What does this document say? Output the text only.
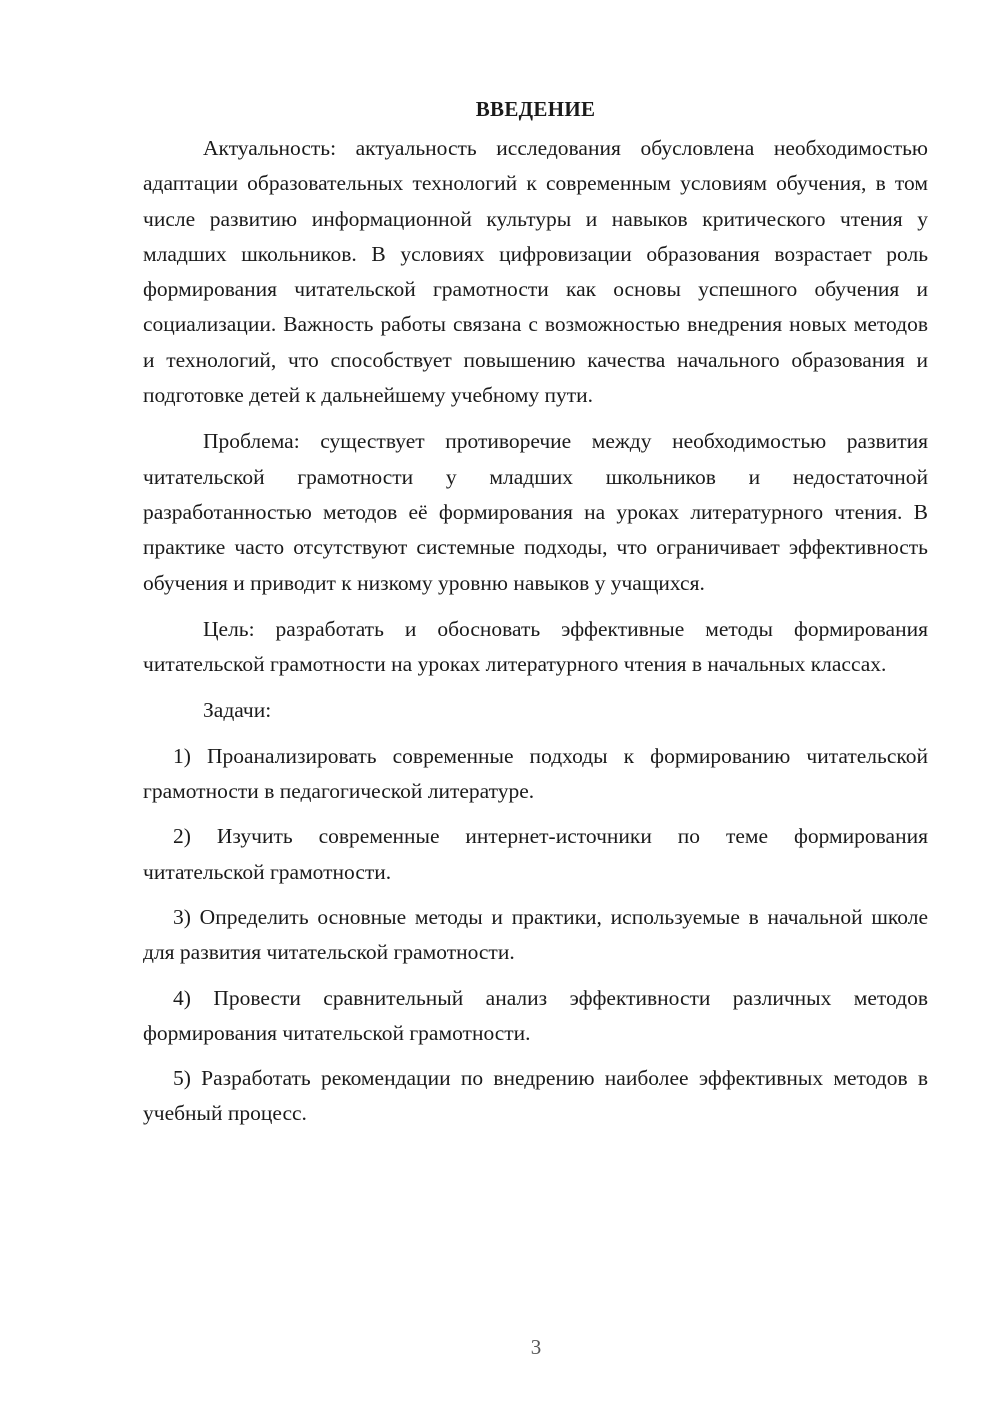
ВВЕДЕНИЕ

Актуальность: актуальность исследования обусловлена необходимостью адаптации образовательных технологий к современным условиям обучения, в том числе развитию информационной культуры и навыков критического чтения у младших школьников. В условиях цифровизации образования возрастает роль формирования читательской грамотности как основы успешного обучения и социализации. Важность работы связана с возможностью внедрения новых методов и технологий, что способствует повышению качества начального образования и подготовке детей к дальнейшему учебному пути.

Проблема: существует противоречие между необходимостью развития читательской грамотности у младших школьников и недостаточной разработанностью методов её формирования на уроках литературного чтения. В практике часто отсутствуют системные подходы, что ограничивает эффективность обучения и приводит к низкому уровню навыков у учащихся.

Цель: разработать и обосновать эффективные методы формирования читательской грамотности на уроках литературного чтения в начальных классах.

Задачи:

1) Проанализировать современные подходы к формированию читательской грамотности в педагогической литературе.

2) Изучить современные интернет-источники по теме формирования читательской грамотности.

3) Определить основные методы и практики, используемые в начальной школе для развития читательской грамотности.

4) Провести сравнительный анализ эффективности различных методов формирования читательской грамотности.

5) Разработать рекомендации по внедрению наиболее эффективных методов в учебный процесс.

3
